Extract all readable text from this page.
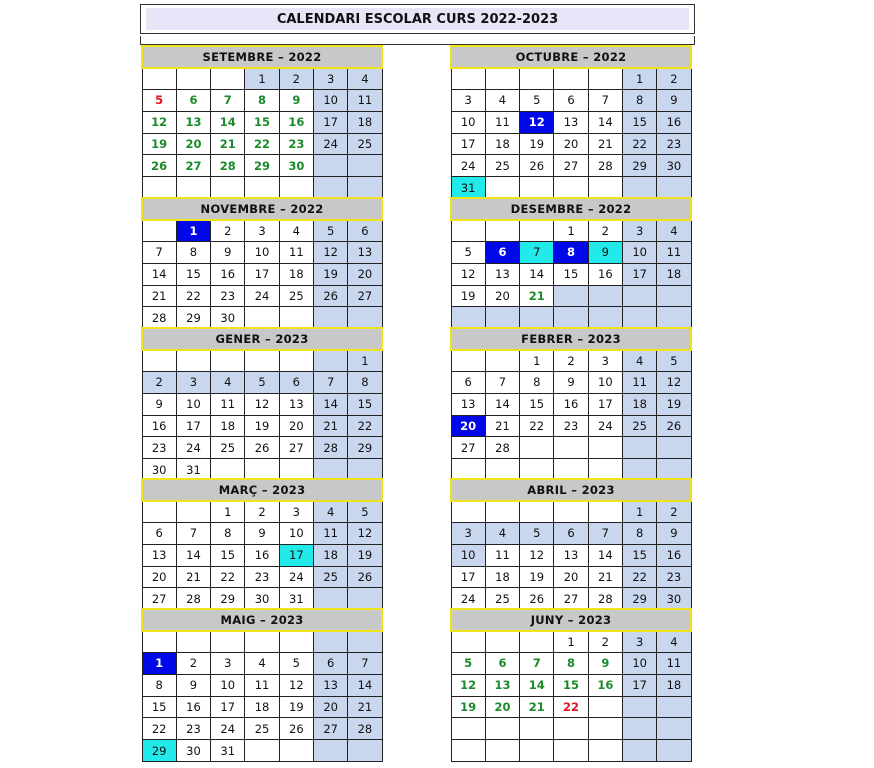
CALENDARI ESCOLAR CURS 2022-2023
SETEMBRE – 2022						
			1	2	3	4
5	6	7	8	9	10	11
12	13	14	15	16	17	18
19	20	21	22	23	24	25
26	27	28	29	30		

OCTUBRE – 2022						
					1	2
3	4	5	6	7	8	9
10	11	12	13	14	15	16
17	18	19	20	21	22	23
24	25	26	27	28	29	30
31						
NOVEMBRE – 2022						
	1	2	3	4	5	6
7	8	9	10	11	12	13
14	15	16	17	18	19	20
21	22	23	24	25	26	27
28	29	30				
DESEMBRE – 2022						
			1	2	3	4
5	6	7	8	9	10	11
12	13	14	15	16	17	18
19	20	21				

GENER – 2023						
						1
2	3	4	5	6	7	8
9	10	11	12	13	14	15
16	17	18	19	20	21	22
23	24	25	26	27	28	29
30	31					
FEBRER – 2023						
		1	2	3	4	5
6	7	8	9	10	11	12
13	14	15	16	17	18	19
20	21	22	23	24	25	26
27	28					

MARÇ – 2023						
		1	2	3	4	5
6	7	8	9	10	11	12
13	14	15	16	17	18	19
20	21	22	23	24	25	26
27	28	29	30	31		
ABRIL – 2023						
					1	2
3	4	5	6	7	8	9
10	11	12	13	14	15	16
17	18	19	20	21	22	23
24	25	26	27	28	29	30
MAIG – 2023						

1	2	3	4	5	6	7
8	9	10	11	12	13	14
15	16	17	18	19	20	21
22	23	24	25	26	27	28
29	30	31				
JUNY – 2023						
			1	2	3	4
5	6	7	8	9	10	11
12	13	14	15	16	17	18
19	20	21	22			
